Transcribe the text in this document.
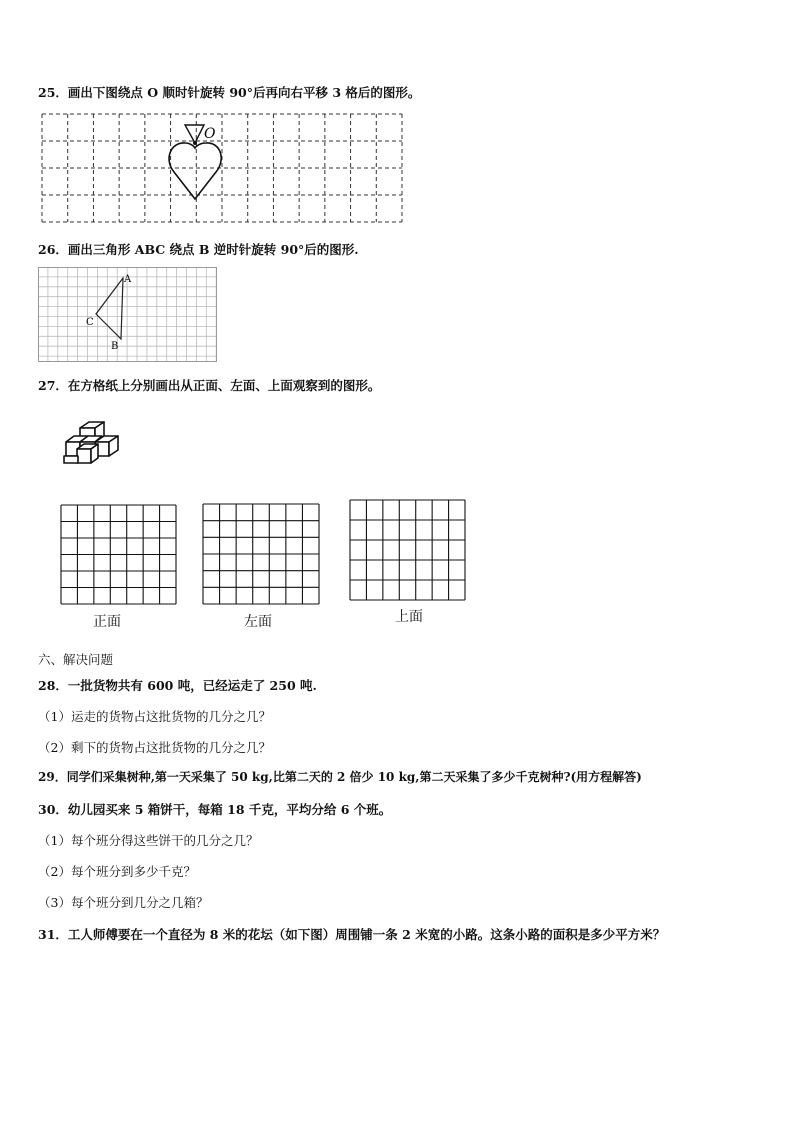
25．画出下图绕点 O 顺时针旋转 90°后再向右平移 3 格后的图形。
O
26．画出三角形 ABC 绕点 B 逆时针旋转 90°后的图形.
A
C
B
27．在方格纸上分别画出从正面、左面、上面观察到的图形。
正面	左面	上面
六、解决问题
28．一批货物共有 600 吨，已经运走了 250 吨.
（1）运走的货物占这批货物的几分之几？
（2）剩下的货物占这批货物的几分之几？
29．同学们采集树种,第一天采集了 50 kg,比第二天的 2 倍少 10 kg,第二天采集了多少千克树种?(用方程解答)
30．幼儿园买来 5 箱饼干，每箱 18 千克，平均分给 6 个班。
（1）每个班分得这些饼干的几分之几？
（2）每个班分到多少千克？
（3）每个班分到几分之几箱？
31．工人师傅要在一个直径为 8 米的花坛（如下图）周围铺一条 2 米宽的小路。这条小路的面积是多少平方米？
